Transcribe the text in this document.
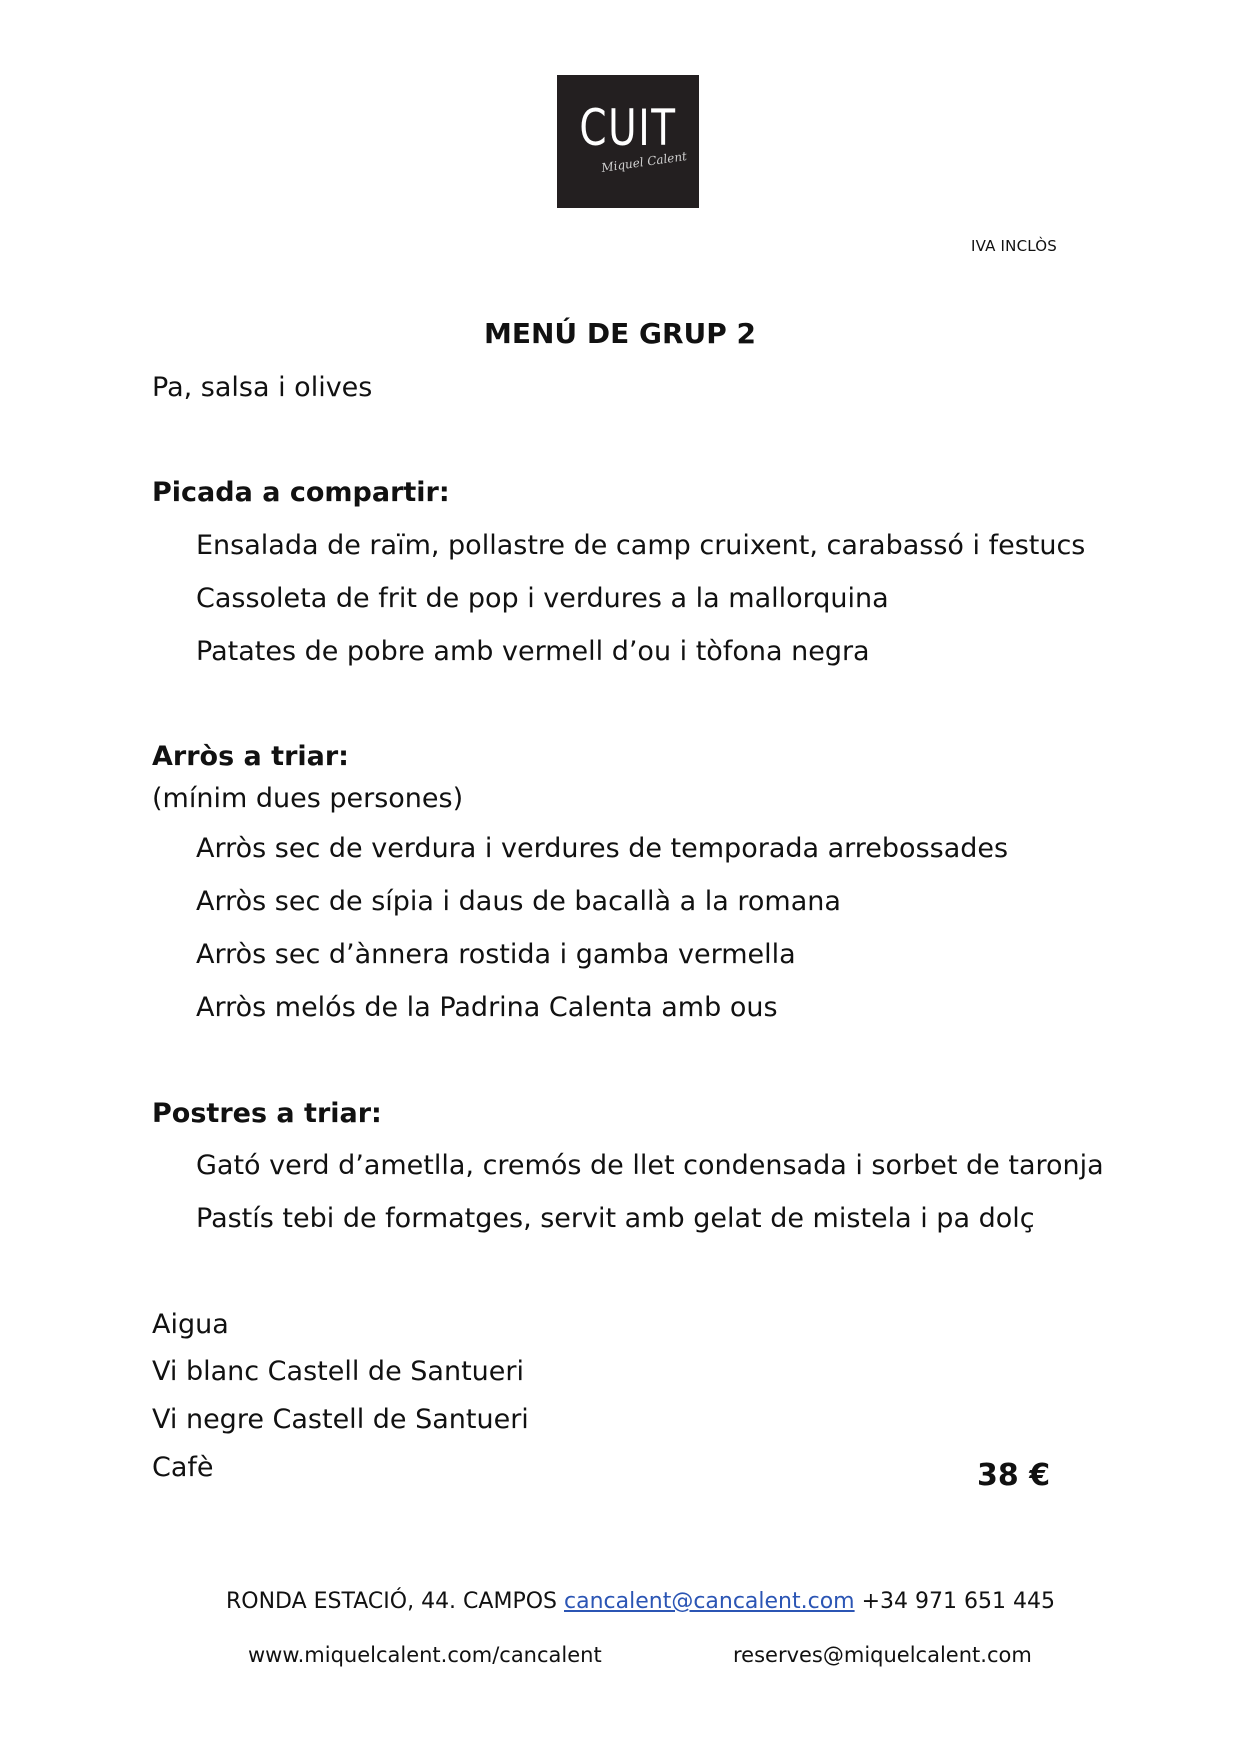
CUIT
Miquel Calent
IVA INCLÒS
MENÚ DE GRUP 2
Pa, salsa i olives
Picada a compartir:
Ensalada de raïm, pollastre de camp cruixent, carabassó i festucs
Cassoleta de frit de pop i verdures a la mallorquina
Patates de pobre amb vermell d’ou i tòfona negra
Arròs a triar:
(mínim dues persones)
Arròs sec de verdura i verdures de temporada arrebossades
Arròs sec de sípia i daus de bacallà a la romana
Arròs sec d’ànnera rostida i gamba vermella
Arròs melós de la Padrina Calenta amb ous
Postres a triar:
Gató verd d’ametlla, cremós de llet condensada i sorbet de taronja
Pastís tebi de formatges, servit amb gelat de mistela i pa dolç
Aigua
Vi blanc Castell de Santueri
Vi negre Castell de Santueri
Cafè	38 €
RONDA ESTACIÓ, 44. CAMPOS cancalent@cancalent.com +34 971 651 445
www.miquelcalent.com/cancalent	reserves@miquelcalent.com
